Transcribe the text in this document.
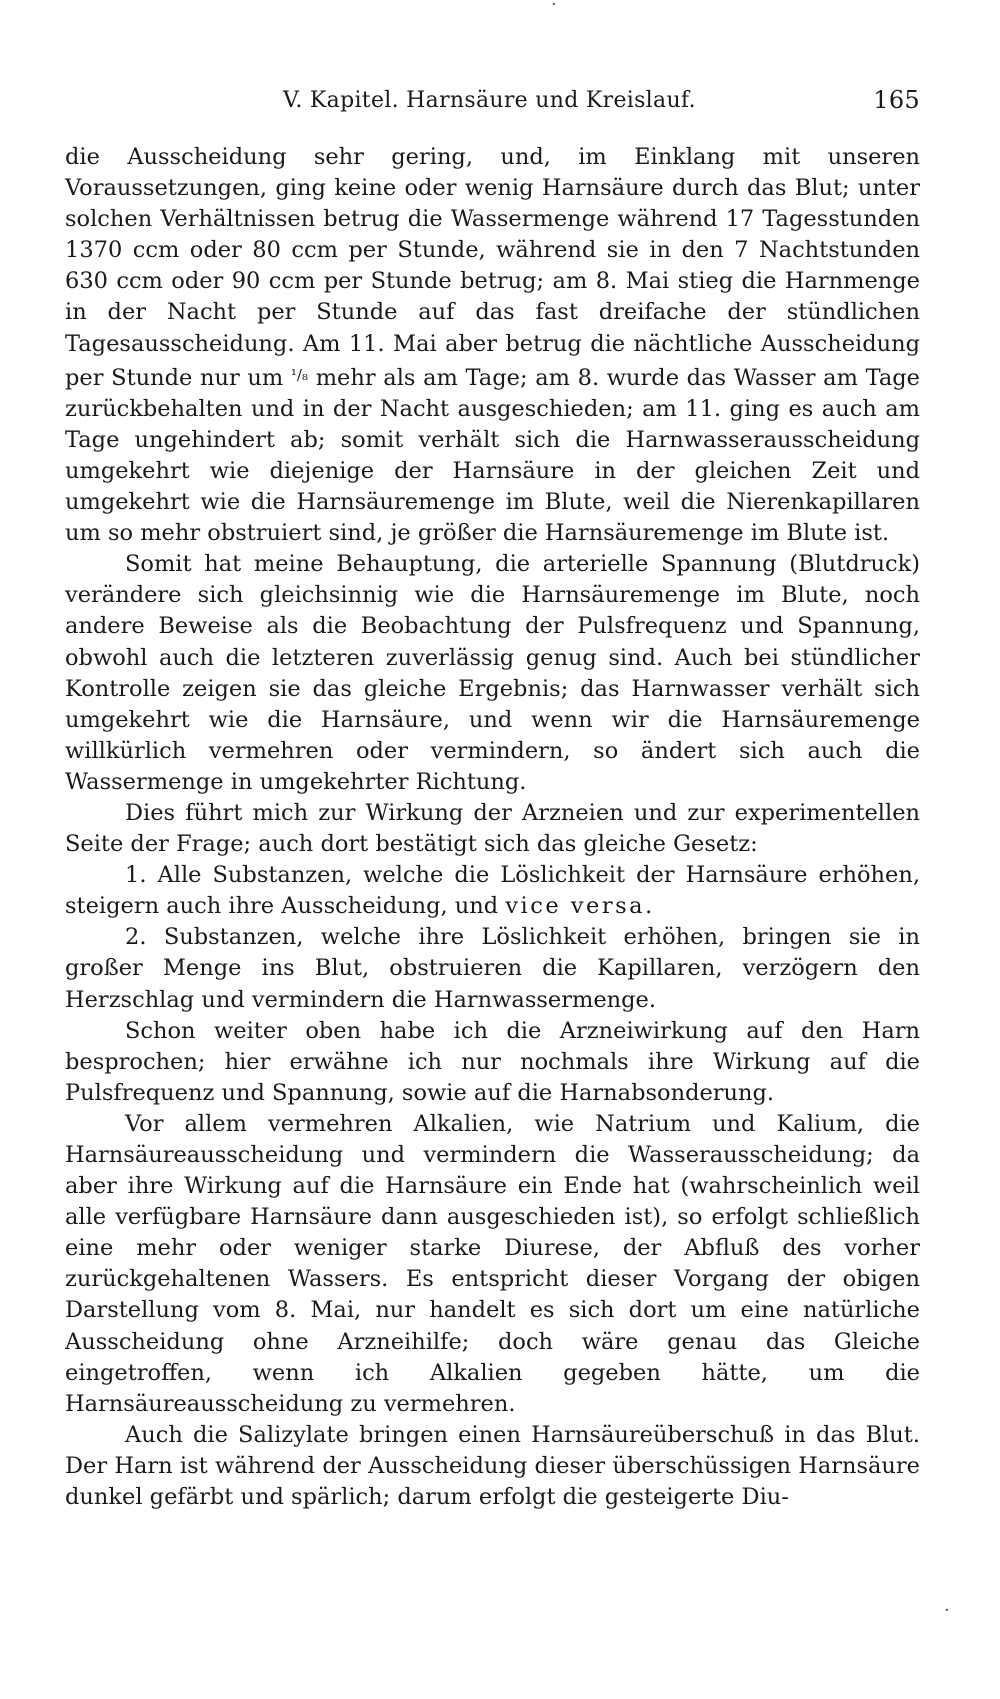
·
·
V. Kapitel. Harnsäure und Kreislauf.	165

die Ausscheidung sehr gering, und, im Einklang mit unseren Voraussetzungen, ging keine oder wenig Harnsäure durch das Blut; unter solchen Verhältnissen betrug die Wassermenge während 17 Tagesstunden 1370 ccm oder 80 ccm per Stunde, während sie in den 7 Nachtstunden 630 ccm oder 90 ccm per Stunde betrug; am 8. Mai stieg die Harnmenge in der Nacht per Stunde auf das fast dreifache der stündlichen Tagesausscheidung. Am 11. Mai aber betrug die nächtliche Ausscheidung per Stunde nur um $^{^1/_8}$ mehr als am Tage; am 8. wurde das Wasser am Tage zurückbehalten und in der Nacht ausgeschieden; am 11. ging es auch am Tage ungehindert ab; somit verhält sich die Harnwasserausscheidung umgekehrt wie diejenige der Harnsäure in der gleichen Zeit und umgekehrt wie die Harnsäuremenge im Blute, weil die Nierenkapillaren um so mehr obstruiert sind, je größer die Harnsäuremenge im Blute ist.

Somit hat meine Behauptung, die arterielle Spannung (Blutdruck) verändere sich gleichsinnig wie die Harnsäuremenge im Blute, noch andere Beweise als die Beobachtung der Pulsfrequenz und Spannung, obwohl auch die letzteren zuverlässig genug sind. Auch bei stündlicher Kontrolle zeigen sie das gleiche Ergebnis; das Harnwasser verhält sich umgekehrt wie die Harnsäure, und wenn wir die Harnsäuremenge willkürlich vermehren oder vermindern, so ändert sich auch die Wassermenge in umgekehrter Richtung.

Dies führt mich zur Wirkung der Arzneien und zur experimentellen Seite der Frage; auch dort bestätigt sich das gleiche Gesetz:

1. Alle Substanzen, welche die Löslichkeit der Harnsäure erhöhen, steigern auch ihre Ausscheidung, und vice versa.

2. Substanzen, welche ihre Löslichkeit erhöhen, bringen sie in großer Menge ins Blut, obstruieren die Kapillaren, verzögern den Herzschlag und vermindern die Harnwassermenge.

Schon weiter oben habe ich die Arzneiwirkung auf den Harn besprochen; hier erwähne ich nur nochmals ihre Wirkung auf die Pulsfrequenz und Spannung, sowie auf die Harnabsonderung.

Vor allem vermehren Alkalien, wie Natrium und Kalium, die Harnsäureausscheidung und vermindern die Wasserausscheidung; da aber ihre Wirkung auf die Harnsäure ein Ende hat (wahrscheinlich weil alle verfügbare Harnsäure dann ausgeschieden ist), so erfolgt schließlich eine mehr oder weniger starke Diurese, der Abfluß des vorher zurückgehaltenen Wassers. Es entspricht dieser Vorgang der obigen Darstellung vom 8. Mai, nur handelt es sich dort um eine natürliche Ausscheidung ohne Arzneihilfe; doch wäre genau das Gleiche eingetroffen, wenn ich Alkalien gegeben hätte, um die Harnsäureausscheidung zu vermehren.

Auch die Salizylate bringen einen Harnsäureüberschuß in das Blut. Der Harn ist während der Ausscheidung dieser überschüssigen Harnsäure dunkel gefärbt und spärlich; darum erfolgt die gesteigerte Diu-
